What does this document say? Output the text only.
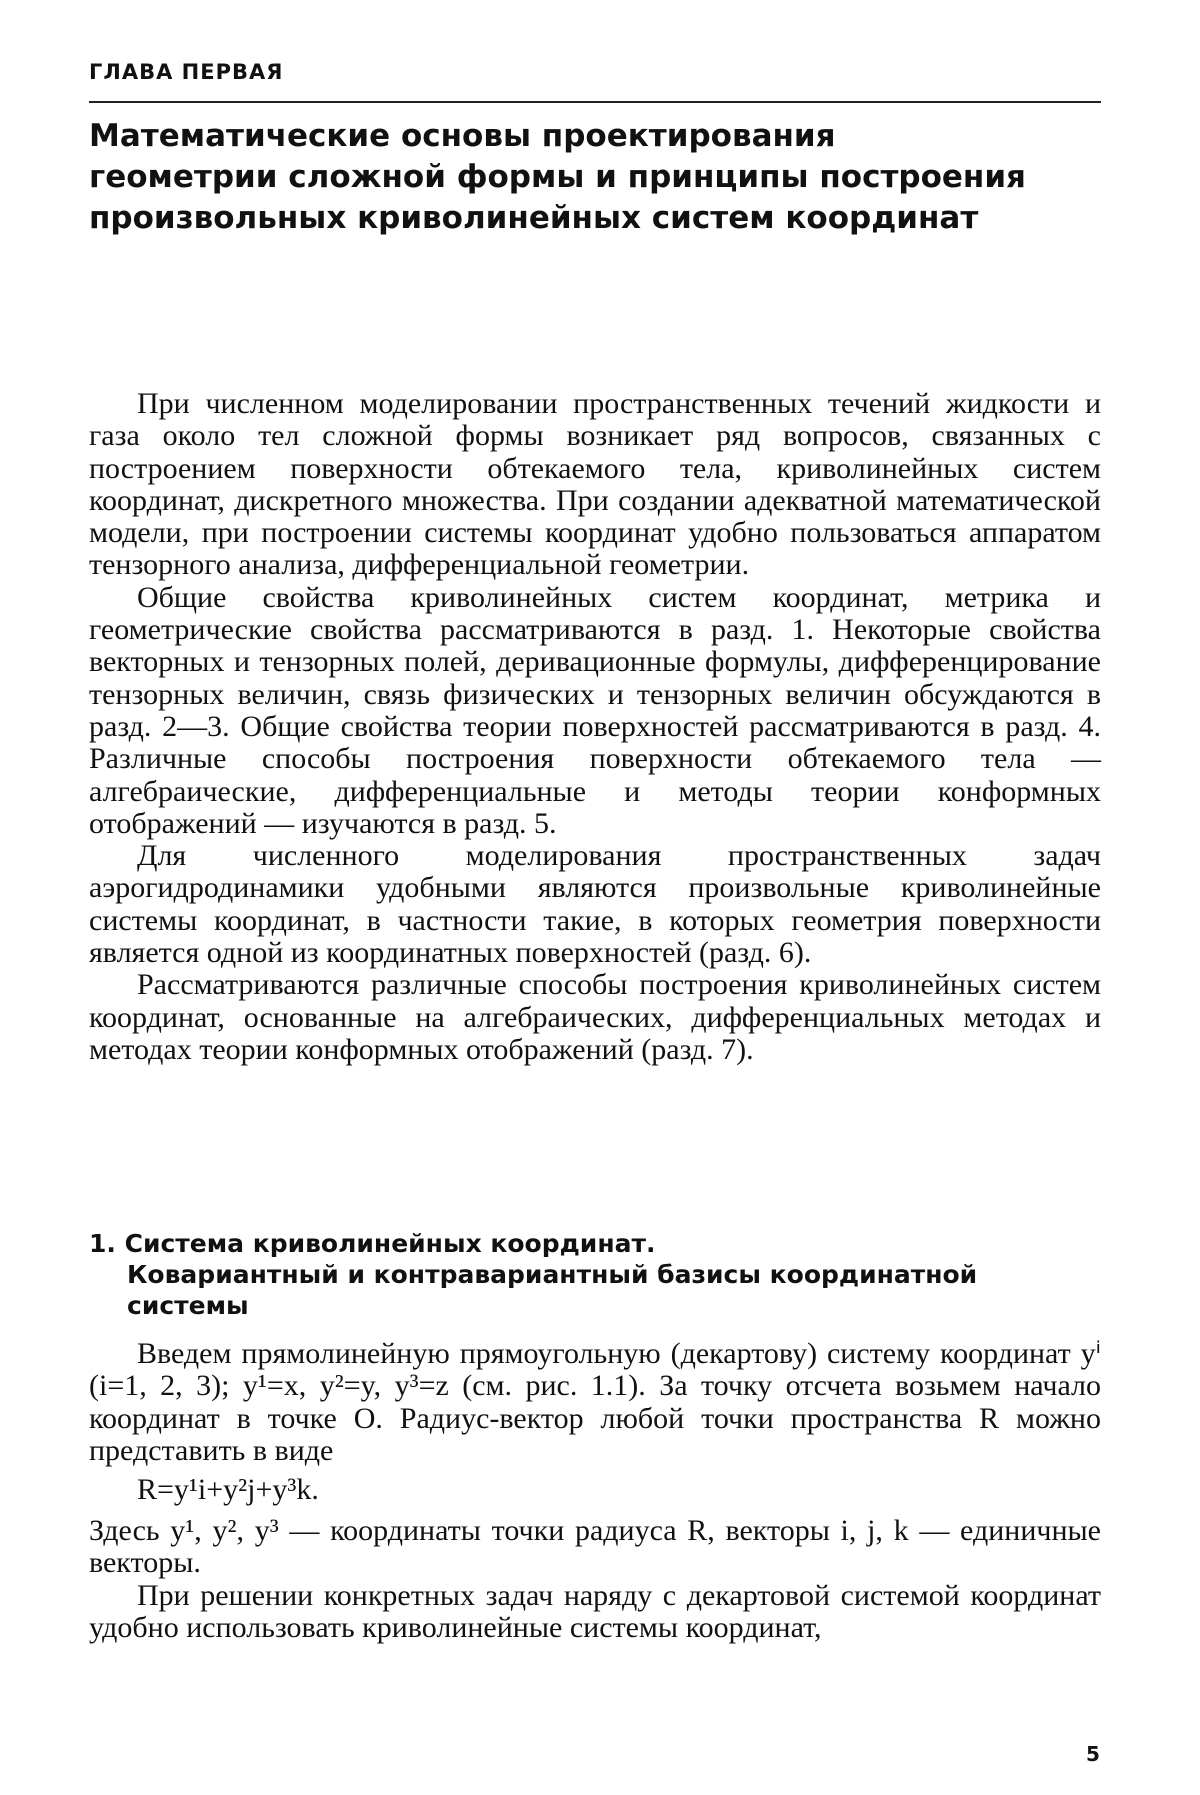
ГЛАВА ПЕРВАЯ
Математические основы проектирования
геометрии сложной формы и принципы построения
произвольных криволинейных систем координат

При численном моделировании пространственных течений жидкости и газа около тел сложной формы возникает ряд вопросов, связанных с построением поверхности обтекаемого тела, криволинейных систем координат, дискретного множества. При создании адекватной математической модели, при построении системы координат удобно пользоваться аппаратом тензорного анализа, дифференциальной геометрии.

Общие свойства криволинейных систем координат, метрика и геометрические свойства рассматриваются в разд. 1. Некоторые свойства векторных и тензорных полей, деривационные формулы, дифференцирование тензорных величин, связь физических и тензорных величин обсуждаются в разд. 2—3. Общие свойства теории поверхностей рассматриваются в разд. 4. Различные способы построения поверхности обтекаемого тела — алгебраические, дифференциальные и методы теории конформных отображений — изучаются в разд. 5.

Для численного моделирования пространственных задач аэрогидродинамики удобными являются произвольные криволинейные системы координат, в частности такие, в которых геометрия поверхности является одной из координатных поверхностей (разд. 6).

Рассматриваются различные способы построения криволинейных систем координат, основанные на алгебраических, дифференциальных методах и методах теории конформных отображений (разд. 7).

1. Система криволинейных координат.
Ковариантный и контравариантный базисы координатной
системы

Введем прямолинейную прямоугольную (декартову) систему координат yⁱ (i=1, 2, 3); y¹=x, y²=y, y³=z (см. рис. 1.1). За точку отсчета возьмем начало координат в точке O. Радиус-вектор любой точки пространства R можно представить в виде

R=y¹i+y²j+y³k.

Здесь y¹, y², y³ — координаты точки радиуса R, векторы i, j, k — единичные векторы.

При решении конкретных задач наряду с декартовой системой координат удобно использовать криволинейные системы координат,

5
